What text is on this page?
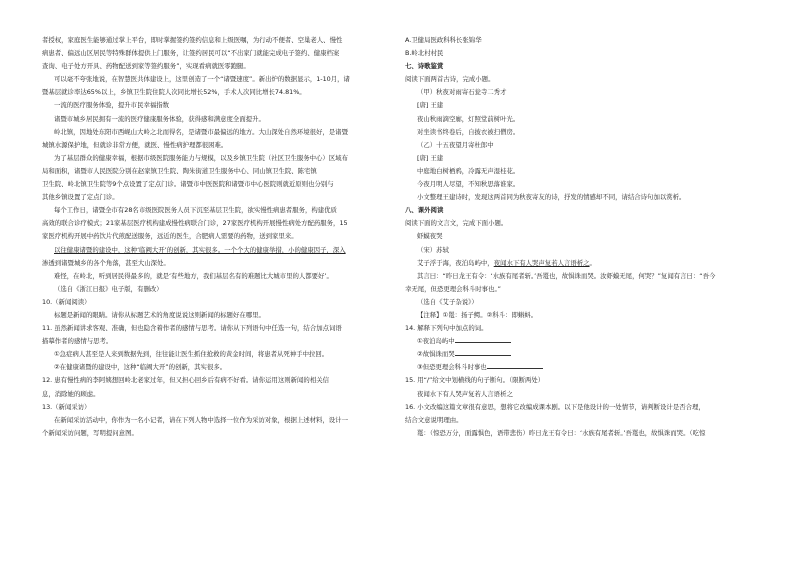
者授权，家庭医生能够通过掌上平台，即时掌握签约签约信息和上级医嘱，为行动不便者、空巢老人、慢性
病患者、偏远山区居民等特殊群体提供上门服务，让签约居民可以“不出家门就能完成电子签约、健康档案
查询、电子处方开具、药物配送到家等签约服务”，实现看病就医零跑腿。
可以毫不夸张地说，在智慧医共体建设上，这里创造了一个“诸暨速度”。新出炉的数据显示，1-10月，诸
暨基层就诊率达65%以上，乡镇卫生院住院人次同比增长52%，手术人次同比增长74.81%。
一流的医疗服务体验，提升市民幸福指数
诸暨市城乡居民拥有一流的医疗健康服务体验，获得感和满意度全面提升。
岭北镇，因地处东阳市西岘山大岭之北而得名，是诸暨市最偏远的地方。大山深处自然环境很好，是诸暨
城镇水源保护地，但就诊非常方便，就医、慢性病护理都很困难。
为了基层群众的健康幸福，根据市级医院服务能力与规模，以及乡镇卫生院（社区卫生服务中心）区域布
局和面积，诸暨市人民医院分别在赵家镇卫生院、陶朱街道卫生服务中心、同山镇卫生院、陈宅镇
卫生院、岭北镇卫生院等9个点设置了定点门诊。诸暨市中医医院和诸暨市中心医院则就近原则也分别与
其他乡镇设置了定点门诊。
每个工作日，诸暨全市有28名市级医院医务人员下沉至基层卫生院，欲实慢性病患者服务，构建优质
高效的联合诊疗模式；21家基层医疗机构建成慢性病联合门诊，27家医疗机构开展慢性病处方配药服务，15
家医疗机构开展中药饮片代煎配送服务，远近的医生，合肥病人需要的药物，送到家里来。
以往健康诸暨的建设中，这种‘临阙大开’的创新，其实很多。一个个大的健康举措，小的健康因子，深入
渗透到诸暨城乡的各个角落，甚至大山深处。
难怪，在岭北，听到居民得最多的，就是‘有些地方，我们基层名有的难题比大城市里的人都要好’。
（选自《浙江日报》电子版，有删改）
10.（新闻阅读）
标题是新闻的眼睛。请你从标题艺术的角度说说这则新闻的标题好在哪里。
11. 虽然新闻讲求客观、准确，但也隐含着作者的感情与思考。请你从下列语句中任选一句，结合加点词语
描摹作者的感情与思考。
①急症病人甚至是人来到数据先到，往往能让医生抓住抢救的黄金时间，将患者从死神手中拉回。
②在健康诸暨的建设中，这种“临阙大开”的创新，其实很多。
12. 患有慢性病的李阿姨想回岭北老家过年，但又担心回乡后有病不好看。请你运用这则新闻的相关信
息，消除她的顾虑。
13.（新闻采访）
在新闻采访活动中，你作为一名小记者，请在下列人物中选择一位作为采访对象，根据上述材料，设计一
个新闻采访问题，写明提问意图。
A.卫健局医政科科长张锦华
B.岭北村村民
七、诗歌鉴赏
阅读下面两首古诗，完成小题。
（甲）秋夜对雨寄石瓮寺二秀才
[唐] 王建
夜山秋雨滴空廊，灯照堂前树叶光。
对坐读书终卷后，自披衣被扫僧房。
（乙）十五夜望月寄杜郎中
[唐] 王建
中庭地白树栖鸦，冷露无声湿桂花。
今夜月明人尽望，不知秋思落谁家。
小文整理王建诗时，发现这两首同为秋夜寄友的诗，抒发的情感却不同，请结合诗句加以赏析。
八、课外阅读
阅读下面的文言文，完成下面小题。
虾蟆夜哭
（宋）苏轼
艾子浮于海，夜泊岛屿中，夜闻水下有人哭声复若人言语析之。
其言曰：“昨日龙王有令：‘水族有尾者斩。’吾鼍也，故惧诛而哭。汝虾蟆无尾，何哭？”复闻有言曰：“吾今
幸无尾，但恐更理会科斗时事也。”
（选自《艾子杂说》）
【注释】①鼍：扬子鳄。②科斗：即蝌蚪。
14. 解释下列句中加点的词。
①夜泊岛屿中
②故惧诛而哭
③但恐更理会科斗时事也
15. 用“/”给文中划横线的句子断句。（限断两处）
夜闻水下有人哭声复若人言语析之
16. 小文改编这篇文章很有意思，想将它改编成课本剧。以下是他设计的一处情节，请判断设计是否合理，
结合文意说明理由。
鼍：（惊恐万分，面露惧色，语带悲伤）昨日龙王有令曰：‘水族有尾者斩。’吾鼍也，故惧诛而哭。（吃惊
